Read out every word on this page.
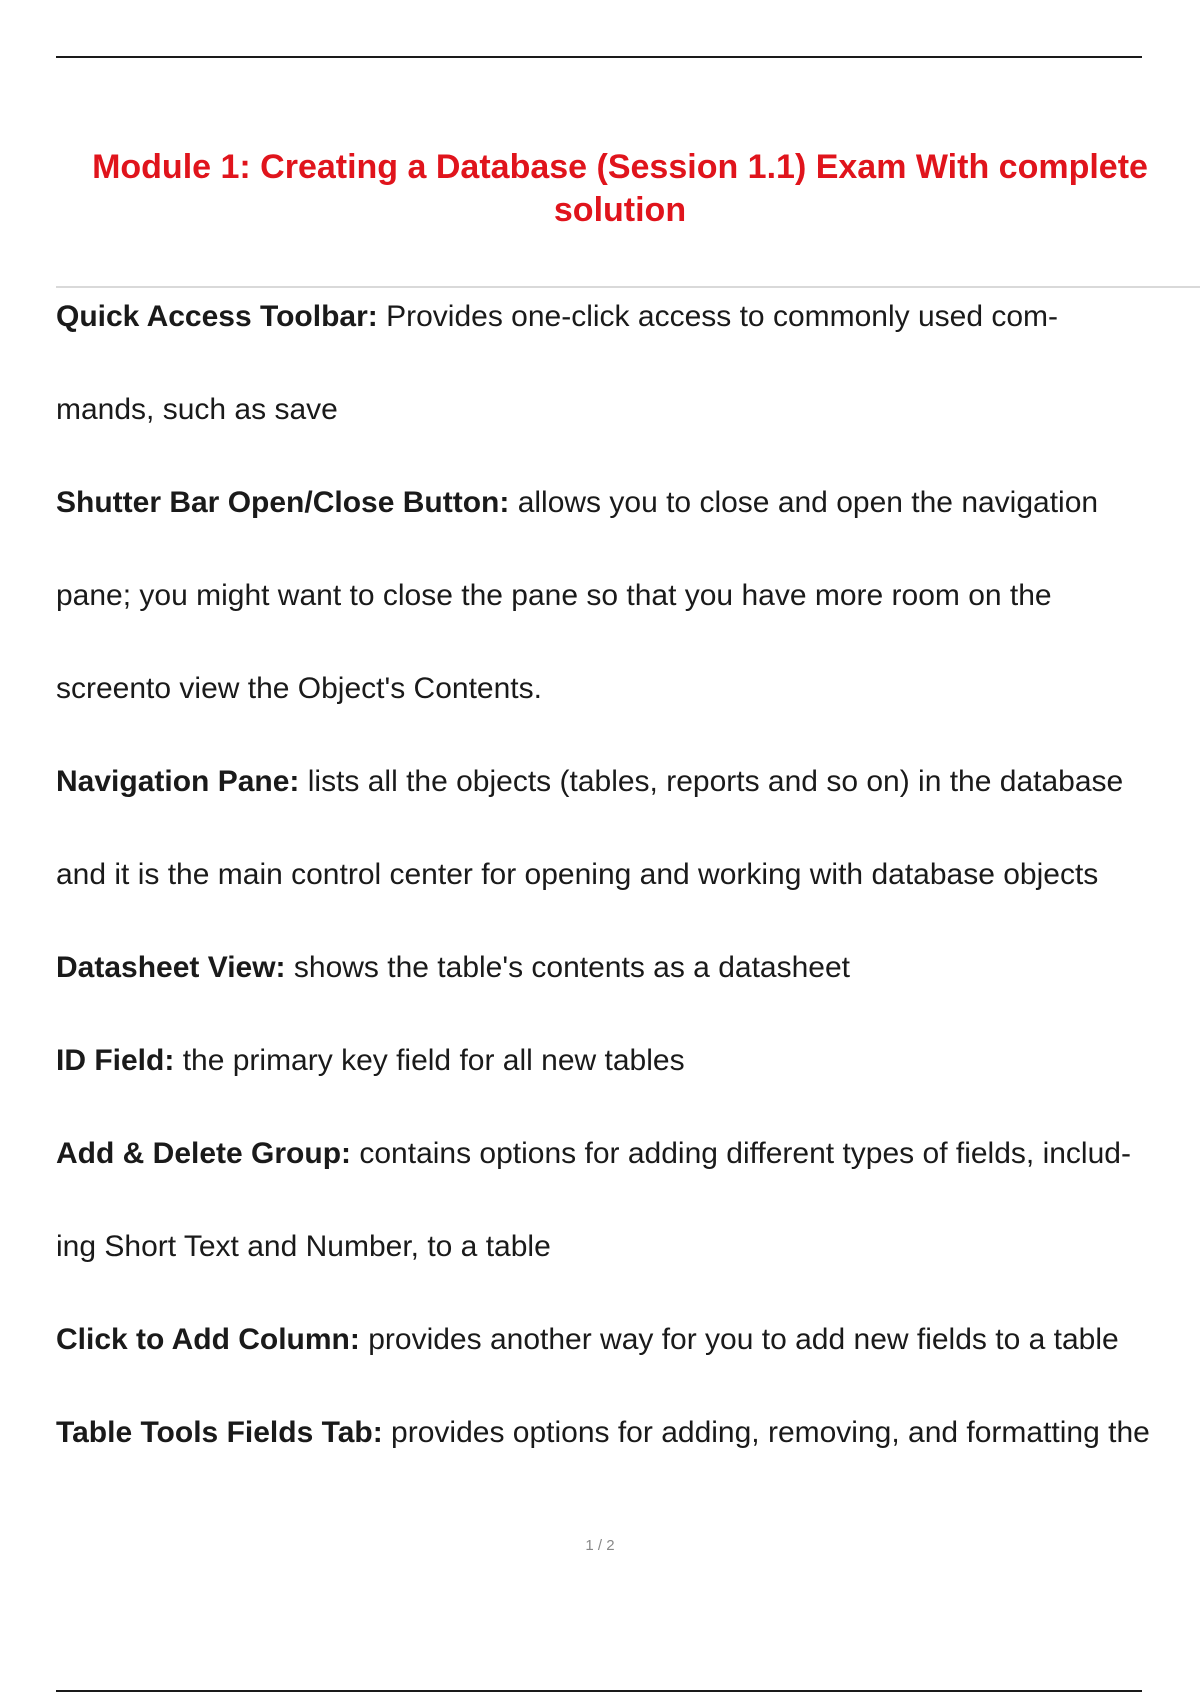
Module 1: Creating a Database (Session 1.1) Exam With complete
solution
Quick Access Toolbar: Provides one-click access to commonly used com-
mands, such as save
Shutter Bar Open/Close Button: allows you to close and open the navigation
pane; you might want to close the pane so that you have more room on the
screento view the Object's Contents.
Navigation Pane: lists all the objects (tables, reports and so on) in the database
and it is the main control center for opening and working with database objects
Datasheet View: shows the table's contents as a datasheet
ID Field: the primary key field for all new tables
Add & Delete Group: contains options for adding different types of fields, includ-
ing Short Text and Number, to a table
Click to Add Column: provides another way for you to add new fields to a table
Table Tools Fields Tab: provides options for adding, removing, and formatting the
1 / 2
